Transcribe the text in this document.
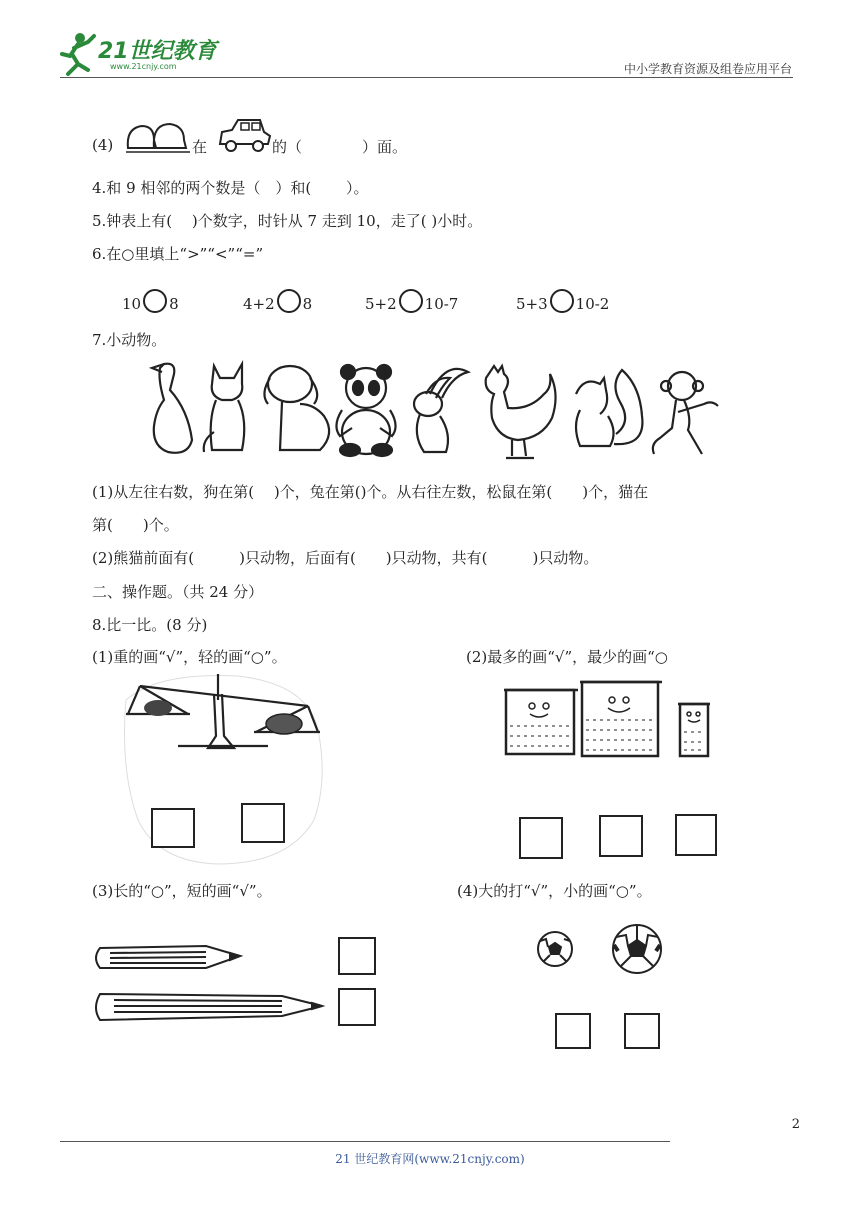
21世纪教育
www.21cnjy.com	中小学教育资源及组卷应用平台
(4)	在	的（	）面。
4.和 9 相邻的两个数是（　）和(　　 ）。
5.钟表上有(　 )个数字，时针从 7 走到 10，走了( )小时。
6.在○里填上“>”“<”“=”
10 8	4+2 8	5+2 10-7	5+3 10-2
7.小动物。
(1)从左往右数，狗在第(　 )个，兔在第()个。从右往左数，松鼠在第(　　)个，猫在
第(　　)个。
(2)熊猫前面有(　　　)只动物，后面有(　　)只动物，共有(　　　)只动物。
二、操作题。（共 24 分）
8.比一比。(8 分)
(1)重的画“√”，轻的画“○”。	(2)最多的画“√”，最少的画“○
(3)长的“○”，短的画“√”。	(4)大的打“√”，小的画“○”。
2
21 世纪教育网(www.21cnjy.com)
